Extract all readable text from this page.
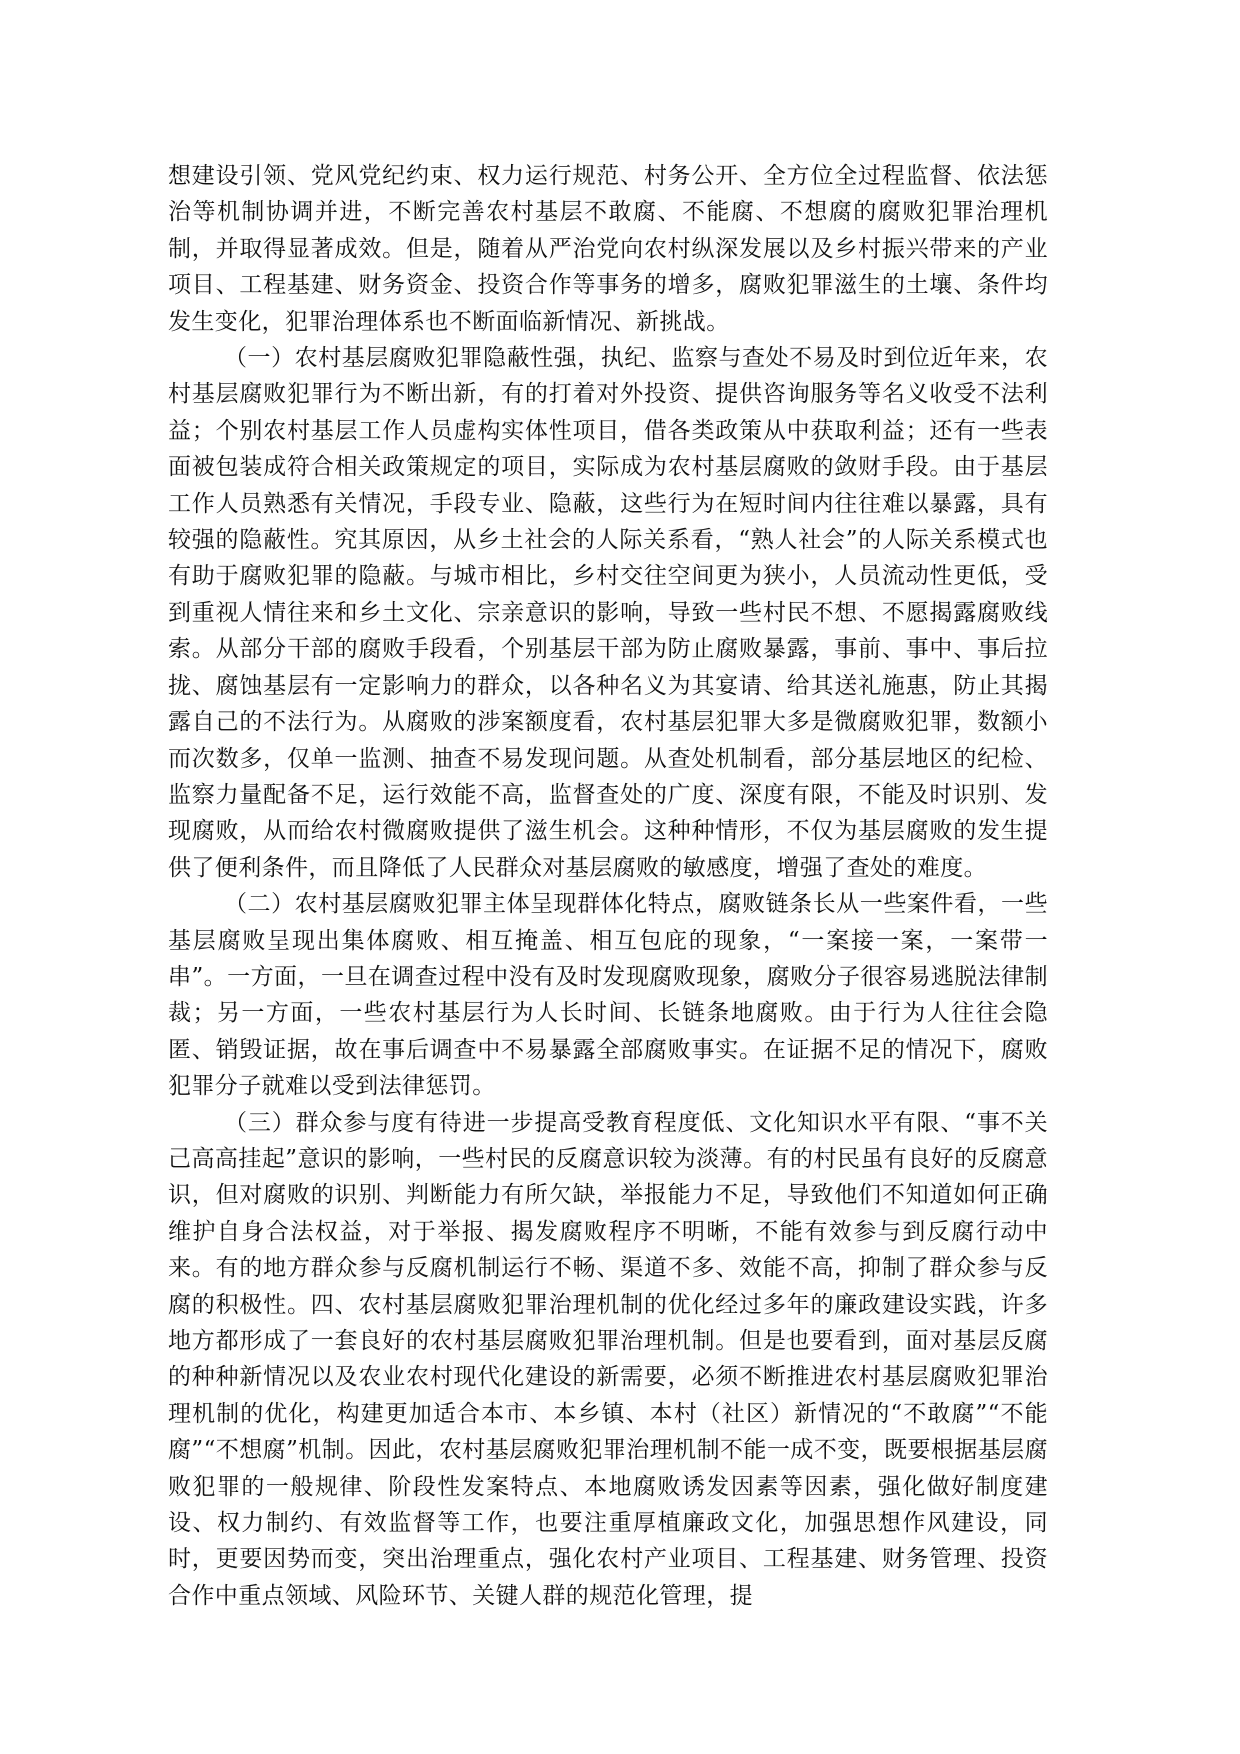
想建设引领、党风党纪约束、权力运行规范、村务公开、全方位全过程监督、依法惩治等机制协调并进，不断完善农村基层不敢腐、不能腐、不想腐的腐败犯罪治理机制，并取得显著成效。但是，随着从严治党向农村纵深发展以及乡村振兴带来的产业项目、工程基建、财务资金、投资合作等事务的增多，腐败犯罪滋生的土壤、条件均发生变化，犯罪治理体系也不断面临新情况、新挑战。

（一）农村基层腐败犯罪隐蔽性强，执纪、监察与查处不易及时到位近年来，农村基层腐败犯罪行为不断出新，有的打着对外投资、提供咨询服务等名义收受不法利益；个别农村基层工作人员虚构实体性项目，借各类政策从中获取利益；还有一些表面被包装成符合相关政策规定的项目，实际成为农村基层腐败的敛财手段。由于基层工作人员熟悉有关情况，手段专业、隐蔽，这些行为在短时间内往往难以暴露，具有较强的隐蔽性。究其原因，从乡土社会的人际关系看，“熟人社会”的人际关系模式也有助于腐败犯罪的隐蔽。与城市相比，乡村交往空间更为狭小，人员流动性更低，受到重视人情往来和乡土文化、宗亲意识的影响，导致一些村民不想、不愿揭露腐败线索。从部分干部的腐败手段看，个别基层干部为防止腐败暴露，事前、事中、事后拉拢、腐蚀基层有一定影响力的群众，以各种名义为其宴请、给其送礼施惠，防止其揭露自己的不法行为。从腐败的涉案额度看，农村基层犯罪大多是微腐败犯罪，数额小而次数多，仅单一监测、抽查不易发现问题。从查处机制看，部分基层地区的纪检、监察力量配备不足，运行效能不高，监督查处的广度、深度有限，不能及时识别、发现腐败，从而给农村微腐败提供了滋生机会。这种种情形，不仅为基层腐败的发生提供了便利条件，而且降低了人民群众对基层腐败的敏感度，增强了查处的难度。

（二）农村基层腐败犯罪主体呈现群体化特点，腐败链条长从一些案件看，一些基层腐败呈现出集体腐败、相互掩盖、相互包庇的现象，“一案接一案，一案带一串”。一方面，一旦在调查过程中没有及时发现腐败现象，腐败分子很容易逃脱法律制裁；另一方面，一些农村基层行为人长时间、长链条地腐败。由于行为人往往会隐匿、销毁证据，故在事后调查中不易暴露全部腐败事实。在证据不足的情况下，腐败犯罪分子就难以受到法律惩罚。

（三）群众参与度有待进一步提高受教育程度低、文化知识水平有限、“事不关己高高挂起”意识的影响，一些村民的反腐意识较为淡薄。有的村民虽有良好的反腐意识，但对腐败的识别、判断能力有所欠缺，举报能力不足，导致他们不知道如何正确维护自身合法权益，对于举报、揭发腐败程序不明晰，不能有效参与到反腐行动中来。有的地方群众参与反腐机制运行不畅、渠道不多、效能不高，抑制了群众参与反腐的积极性。四、农村基层腐败犯罪治理机制的优化经过多年的廉政建设实践，许多地方都形成了一套良好的农村基层腐败犯罪治理机制。但是也要看到，面对基层反腐的种种新情况以及农业农村现代化建设的新需要，必须不断推进农村基层腐败犯罪治理机制的优化，构建更加适合本市、本乡镇、本村（社区）新情况的“不敢腐”“不能腐”“不想腐”机制。因此，农村基层腐败犯罪治理机制不能一成不变，既要根据基层腐败犯罪的一般规律、阶段性发案特点、本地腐败诱发因素等因素，强化做好制度建设、权力制约、有效监督等工作，也要注重厚植廉政文化，加强思想作风建设，同时，更要因势而变，突出治理重点，强化农村产业项目、工程基建、财务管理、投资合作中重点领域、风险环节、关键人群的规范化管理，提
